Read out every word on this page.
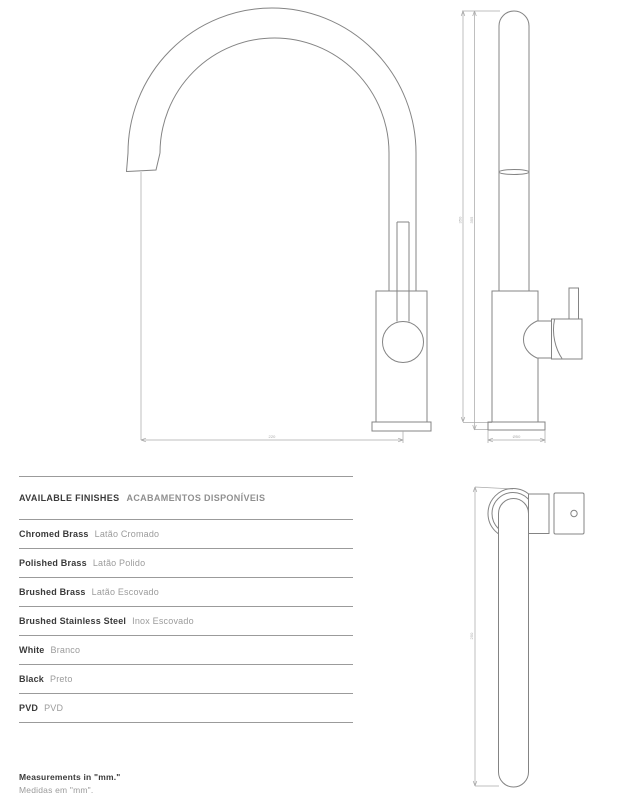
220
350 355
Ø50
250
AVAILABLE FINISHES ACABAMENTOS DISPONÍVEIS
Chromed Brass Latão Cromado
Polished Brass Latão Polido
Brushed Brass Latão Escovado
Brushed Stainless Steel Inox Escovado
White Branco
Black Preto
PVD PVD
Measurements in "mm."
Medidas em "mm".
